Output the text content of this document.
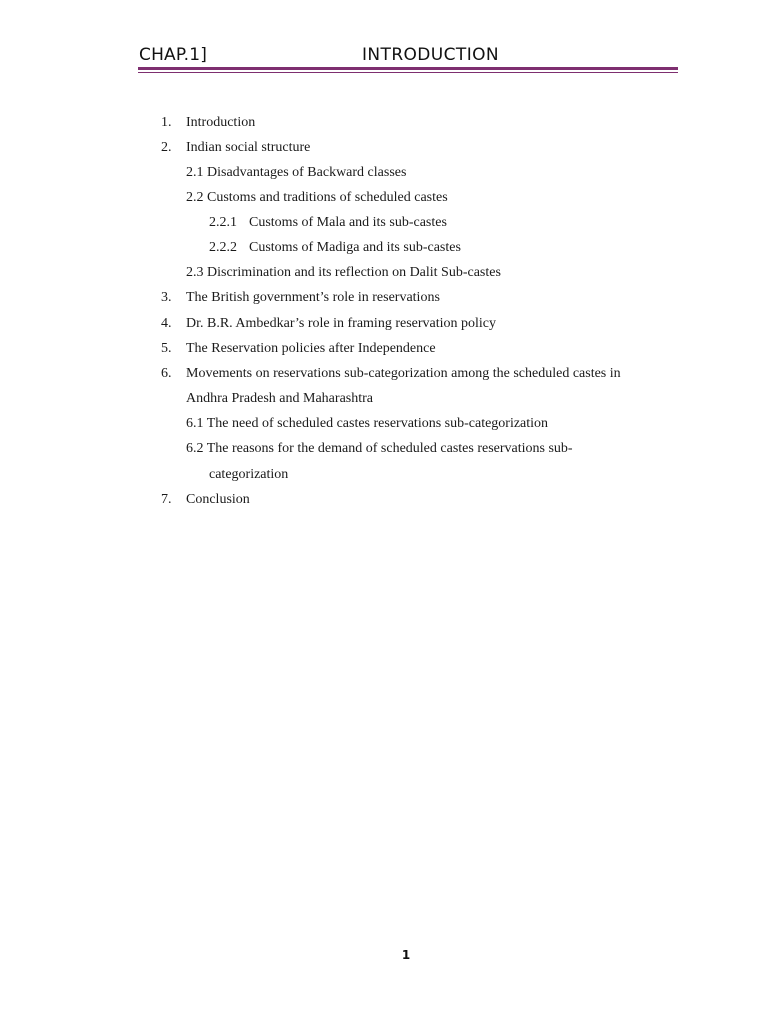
CHAP.1]	INTRODUCTION
1.	Introduction
2.	Indian social structure
2.1 Disadvantages of Backward classes
2.2 Customs and traditions of scheduled castes
2.2.1 Customs of Mala and its sub-castes
2.2.2 Customs of Madiga and its sub-castes
2.3 Discrimination and its reflection on Dalit Sub-castes
3.	The British government’s role in reservations
4.	Dr. B.R. Ambedkar’s role in framing reservation policy
5.	The Reservation policies after Independence
6.	Movements on reservations sub-categorization among the scheduled castes in
Andhra Pradesh and Maharashtra
6.1 The need of scheduled castes reservations sub-categorization
6.2 The reasons for the demand of scheduled castes reservations sub-
categorization
7.	Conclusion
1
